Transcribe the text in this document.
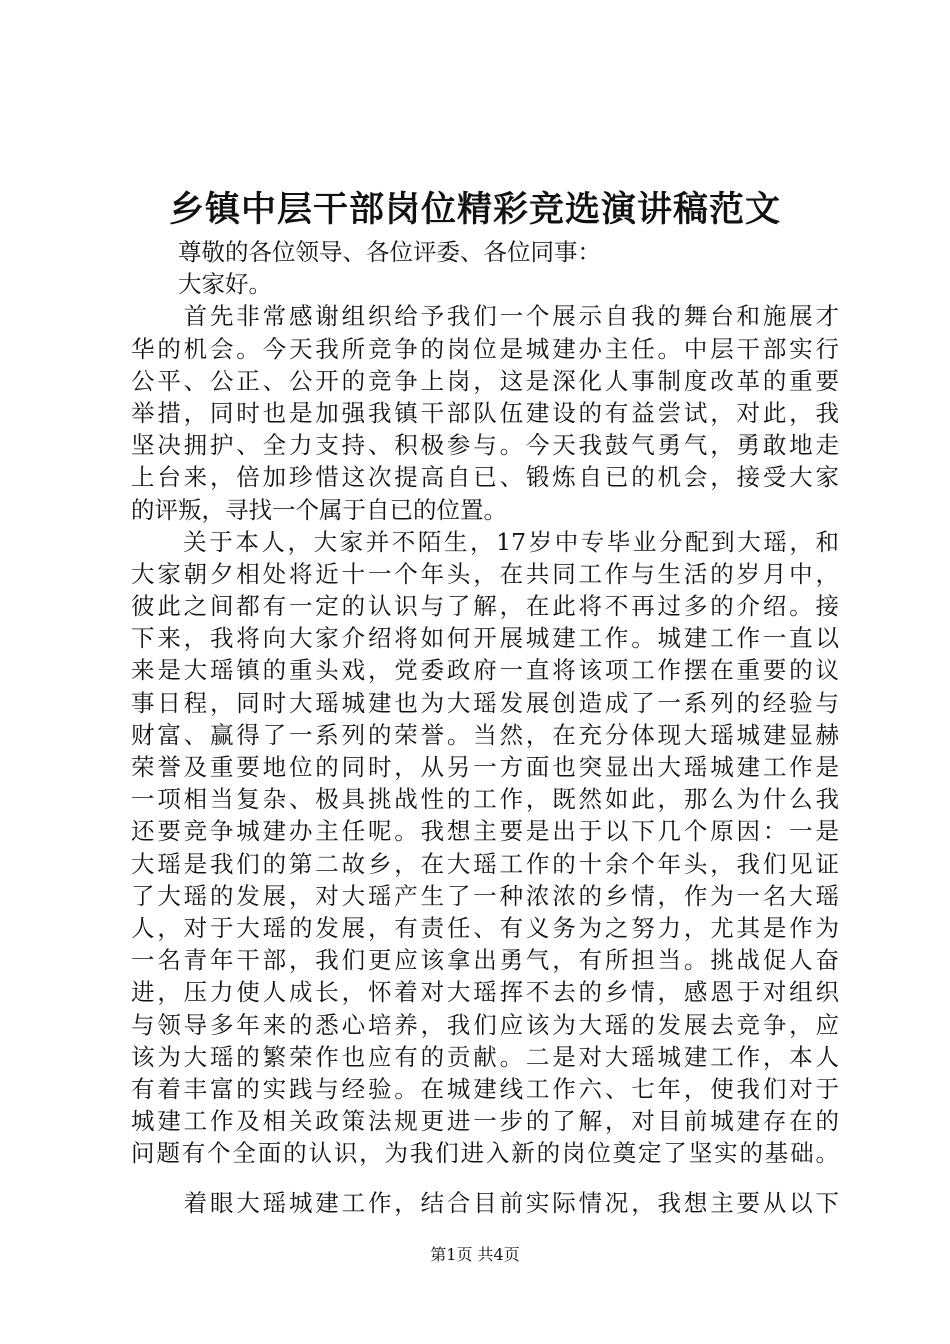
乡镇中层干部岗位精彩竞选演讲稿范文
　　尊敬的各位领导、各位评委、各位同事：
　　大家好。
　　首先非常感谢组织给予我们一个展示自我的舞台和施展才
华的机会。今天我所竞争的岗位是城建办主任。中层干部实行
公平、公正、公开的竞争上岗，这是深化人事制度改革的重要
举措，同时也是加强我镇干部队伍建设的有益尝试，对此，我
坚决拥护、全力支持、积极参与。今天我鼓气勇气，勇敢地走
上台来，倍加珍惜这次提高自已、锻炼自已的机会，接受大家
的评叛，寻找一个属于自已的位置。
　　关于本人，大家并不陌生，17岁中专毕业分配到大瑶，和
大家朝夕相处将近十一个年头，在共同工作与生活的岁月中，
彼此之间都有一定的认识与了解，在此将不再过多的介绍。接
下来，我将向大家介绍将如何开展城建工作。城建工作一直以
来是大瑶镇的重头戏，党委政府一直将该项工作摆在重要的议
事日程，同时大瑶城建也为大瑶发展创造成了一系列的经验与
财富、赢得了一系列的荣誉。当然，在充分体现大瑶城建显赫
荣誉及重要地位的同时，从另一方面也突显出大瑶城建工作是
一项相当复杂、极具挑战性的工作，既然如此，那么为什么我
还要竞争城建办主任呢。我想主要是出于以下几个原因：一是
大瑶是我们的第二故乡，在大瑶工作的十余个年头，我们见证
了大瑶的发展，对大瑶产生了一种浓浓的乡情，作为一名大瑶
人，对于大瑶的发展，有责任、有义务为之努力，尤其是作为
一名青年干部，我们更应该拿出勇气，有所担当。挑战促人奋
进，压力使人成长，怀着对大瑶挥不去的乡情，感恩于对组织
与领导多年来的悉心培养，我们应该为大瑶的发展去竞争，应
该为大瑶的繁荣作也应有的贡献。二是对大瑶城建工作，本人
有着丰富的实践与经验。在城建线工作六、七年，使我们对于
城建工作及相关政策法规更进一步的了解，对目前城建存在的
问题有个全面的认识，为我们进入新的岗位奠定了坚实的基础。
　　着眼大瑶城建工作，结合目前实际情况，我想主要从以下
第1页 共4页
